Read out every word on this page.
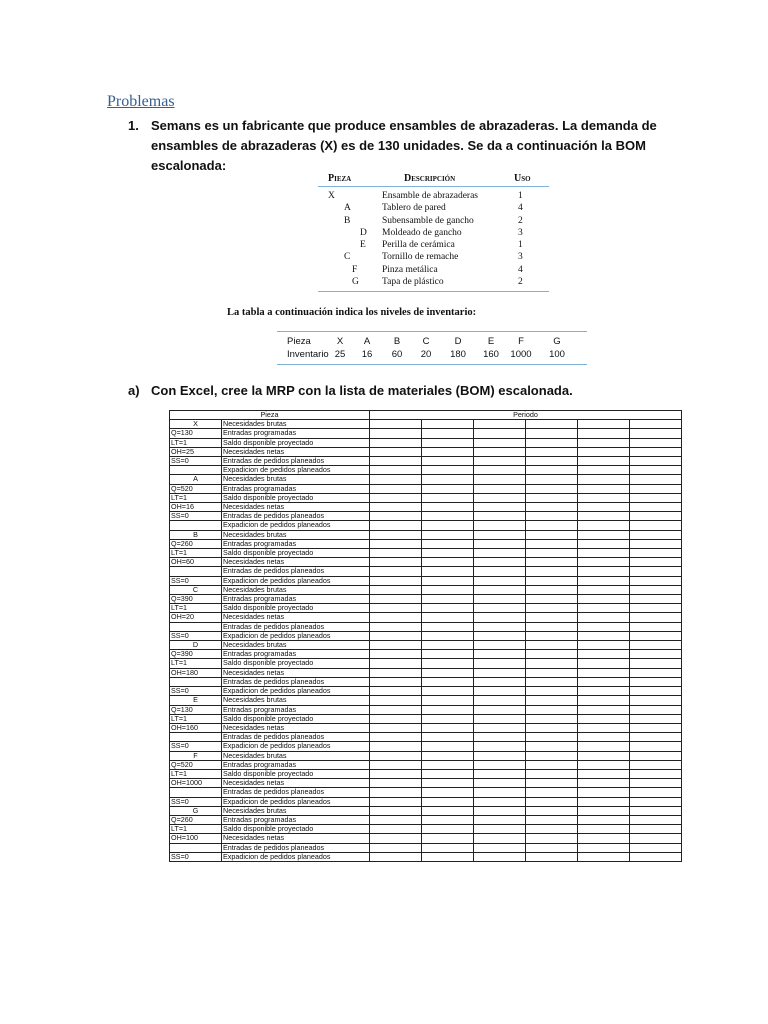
Problemas
1. Semans es un fabricante que produce ensambles de abrazaderas. La demanda de ensambles de abrazaderas (X) es de 130 unidades. Se da a continuación la BOM escalonada:
Pieza	Descripción	Uso
X	Ensamble de abrazaderas	1
A	Tablero de pared	4
B	Subensamble de gancho	2
D Moldeado de gancho	3
E Perilla de cerámica	1
C	Tornillo de remache	3
F	Pinza metálica	4
G Tapa de plástico	2
La tabla a continuación indica los niveles de inventario:
Pieza	X	A	B	C	D	E	F	G
Inventario 25	16	60	20	180	160	1000	100
a) Con Excel, cree la MRP con la lista de materiales (BOM) escalonada.
Pieza		Periodo					
X	Necesidades brutas						
Q=130	Entradas programadas						
LT=1	Saldo disponible proyectado						
OH=25	Necesidades netas						
SS=0	Entradas de pedidos planeados						
	Expadicion de pedidos planeados						
A	Necesidades brutas						
Q=520	Entradas programadas						
LT=1	Saldo disponible proyectado						
OH=16	Necesidades netas						
SS=0	Entradas de pedidos planeados						
	Expadicion de pedidos planeados						
B	Necesidades brutas						
Q=260	Entradas programadas						
LT=1	Saldo disponible proyectado						
OH=60	Necesidades netas						
	Entradas de pedidos planeados						
SS=0	Expadicion de pedidos planeados						
C	Necesidades brutas						
Q=390	Entradas programadas						
LT=1	Saldo disponible proyectado						
OH=20	Necesidades netas						
	Entradas de pedidos planeados						
SS=0	Expadicion de pedidos planeados						
D	Necesidades brutas						
Q=390	Entradas programadas						
LT=1	Saldo disponible proyectado						
OH=180	Necesidades netas						
	Entradas de pedidos planeados						
SS=0	Expadicion de pedidos planeados						
E	Necesidades brutas						
Q=130	Entradas programadas						
LT=1	Saldo disponible proyectado						
OH=160	Necesidades netas						
	Entradas de pedidos planeados						
SS=0	Expadicion de pedidos planeados						
F	Necesidades brutas						
Q=520	Entradas programadas						
LT=1	Saldo disponible proyectado						
OH=1000	Necesidades netas						
	Entradas de pedidos planeados						
SS=0	Expadicion de pedidos planeados						
G	Necesidades brutas						
Q=260	Entradas programadas						
LT=1	Saldo disponible proyectado						
OH=100	Necesidades netas						
	Entradas de pedidos planeados						
SS=0	Expadicion de pedidos planeados						
